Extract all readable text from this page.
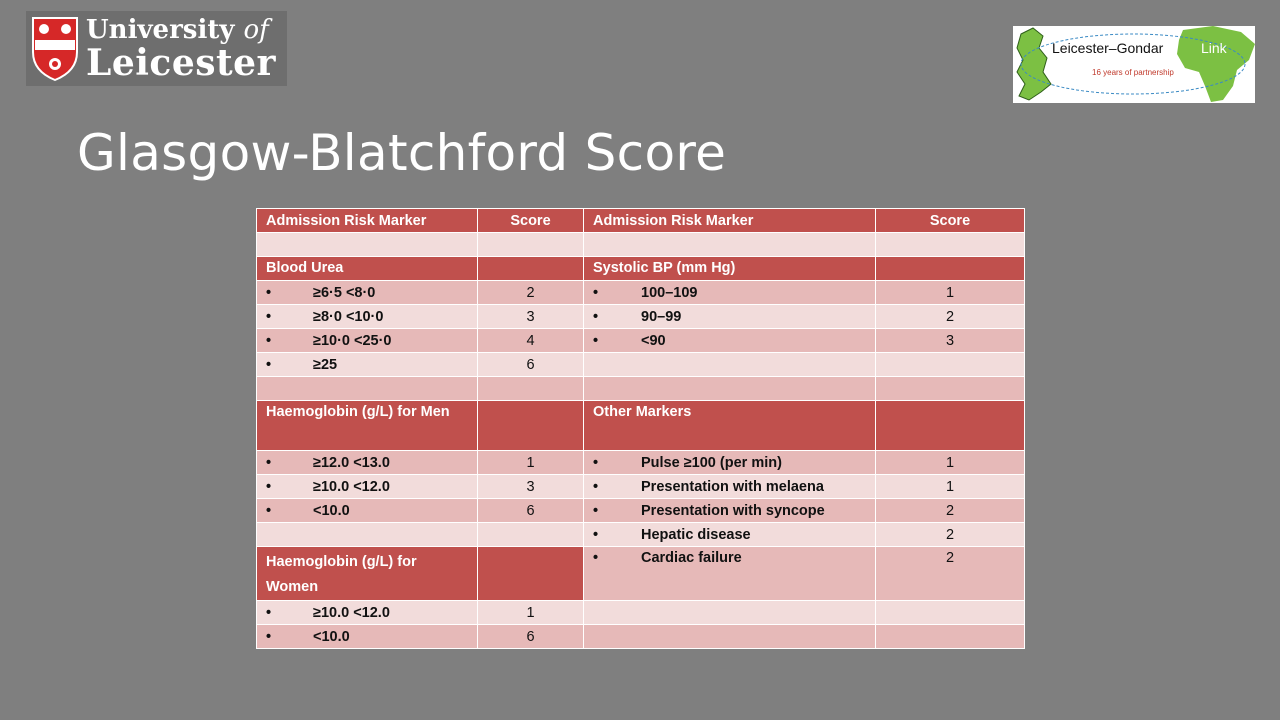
University of
Leicester	Leicester–Gondar	Link
16 years of partnership
Glasgow-Blatchford Score
Admission Risk Marker	Score	Admission Risk Marker	Score

Blood Urea		Systolic BP (mm Hg)	

• ≥6·5 <8·0	2	• 100–109	1

• ≥8·0 <10·0	3	• 90–99	2

• ≥10·0 <25·0	4	• <90	3

• ≥25	6		

Haemoglobin (g/L) for Men		Other Markers	

• ≥12.0 <13.0	1	• Pulse ≥100 (per min)	1

• ≥10.0 <12.0	3	• Presentation with melaena	1

• <10.0	6	• Presentation with syncope	2

		• Hepatic disease	2
Haemoglobin (g/L) for Women		• Cardiac failure	2

• ≥10.0 <12.0	1		

• <10.0	6		
